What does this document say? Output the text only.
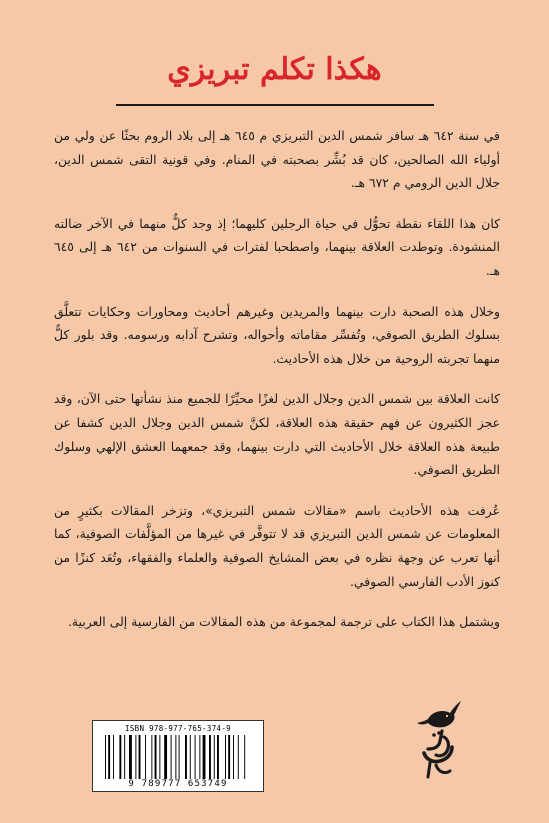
هكذا تكلم تبريزي

في سنة ٦٤٢ هـ سافر شمس الدين التبريزي م ٦٤٥ هـ إلى بلاد الروم بحثًا عن ولي من أولياء الله الصالحين، كان قد بُشِّر بصحبته في المنام. وفي قونية التقى شمس الدين، جلال الدين الرومي م ٦٧٢ هـ.

كان هذا اللقاء نقطة تحوُّل في حياة الرجلين كليهما؛ إذ وجد كلٌّ منهما في الآخر ضالته المنشودة. وتوطدت العلاقة بينهما، واصطحبا لفترات في السنوات من ٦٤٢ هـ إلى ٦٤٥ هـ.

وخلال هذه الصحبة دارت بينهما والمريدين وغيرهم أحاديث ومحاورات وحكايات تتعلَّق بسلوك الطريق الصوفي، وتُفسِّر مقاماته وأحواله، وتشرح آدابه ورسومه. وقد بلور كلٌّ منهما تجربته الروحية من خلال هذه الأحاديث.

كانت العلاقة بين شمس الدين وجلال الدين لغزًا محيِّرًا للجميع منذ نشأتها حتى الآن، وقد عجز الكثيرون عن فهم حقيقة هذه العلاقة، لكنَّ شمس الدين وجلال الدين كشفا عن طبيعة هذه العلاقة خلال الأحاديث التي دارت بينهما، وقد جمعهما العشق الإلهي وسلوك الطريق الصوفي.

عُرفت هذه الأحاديث باسم «مقالات شمس التبريزي»، وتزخر المقالات بكثيرٍ من المعلومات عن شمس الدين التبريزي قد لا تتوفَّر في غيرها من المؤلَّفات الصوفية، كما أنها تعرب عن وجهة نظره في بعض المشايخ الصوفية والعلماء والفقهاء، وتُعَد كنزًا من كنوز الأدب الفارسي الصوفي.

ويشتمل هذا الكتاب على ترجمة لمجموعة من هذه المقالات من الفارسية إلى العربية.

ISBN 978-977-765-374-9
9 789777 653749	آفاق
